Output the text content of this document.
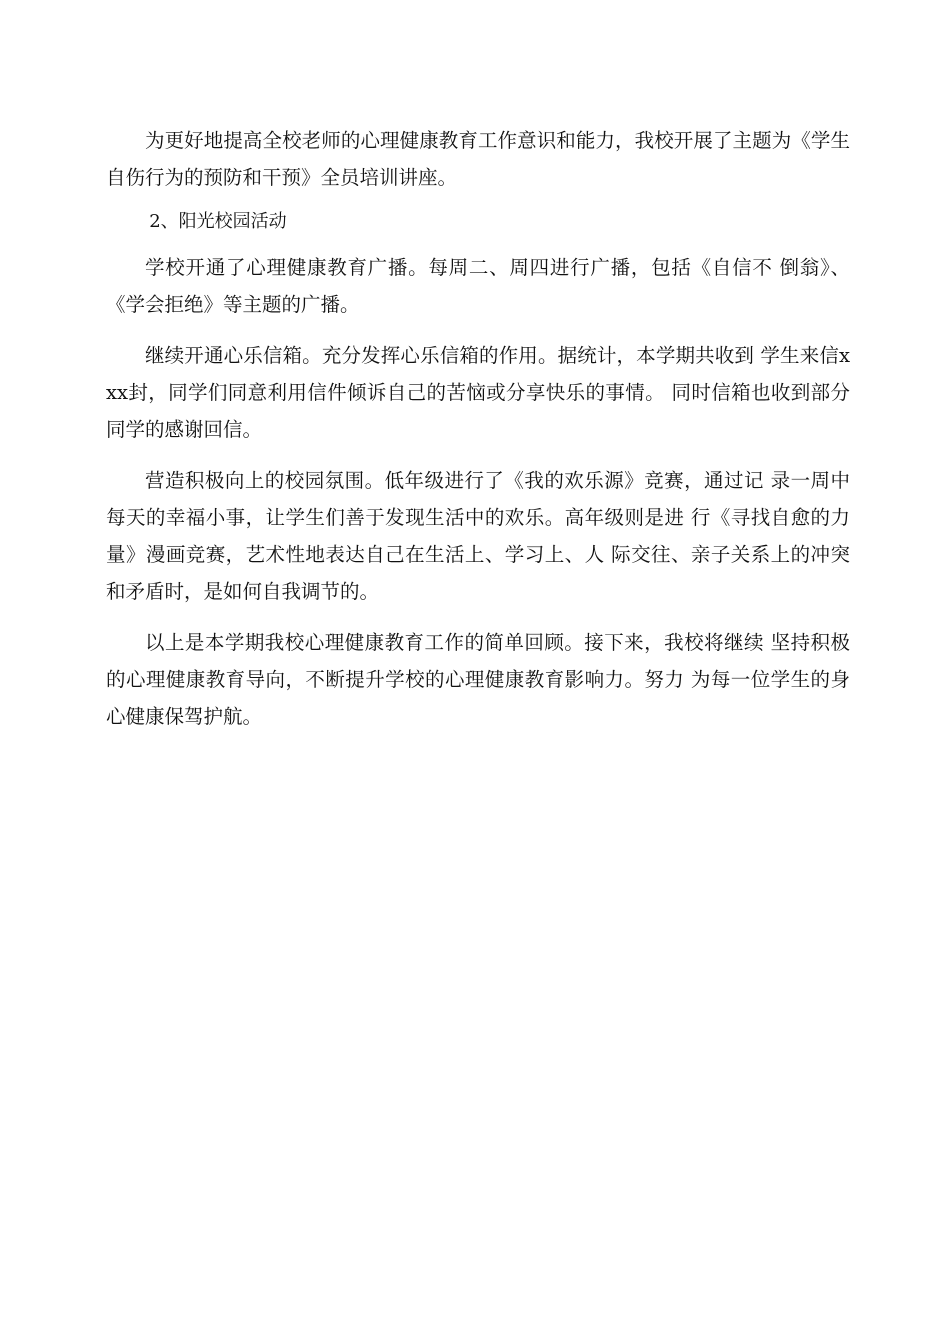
为更好地提高全校老师的心理健康教育工作意识和能力，我校开展了主题为《学生自伤行为的预防和干预》全员培训讲座。

2、阳光校园活动

学校开通了心理健康教育广播。每周二、周四进行广播，包括《自信不 倒翁》、《学会拒绝》等主题的广播。

继续开通心乐信箱。充分发挥心乐信箱的作用。据统计，本学期共收到 学生来信xxx封，同学们同意利用信件倾诉自己的苦恼或分享快乐的事情。 同时信箱也收到部分同学的感谢回信。

营造积极向上的校园氛围。低年级进行了《我的欢乐源》竞赛，通过记 录一周中每天的幸福小事，让学生们善于发现生活中的欢乐。高年级则是进 行《寻找自愈的力量》漫画竞赛，艺术性地表达自己在生活上、学习上、人 际交往、亲子关系上的冲突和矛盾时，是如何自我调节的。

以上是本学期我校心理健康教育工作的简单回顾。接下来，我校将继续 坚持积极的心理健康教育导向，不断提升学校的心理健康教育影响力。努力 为每一位学生的身心健康保驾护航。
